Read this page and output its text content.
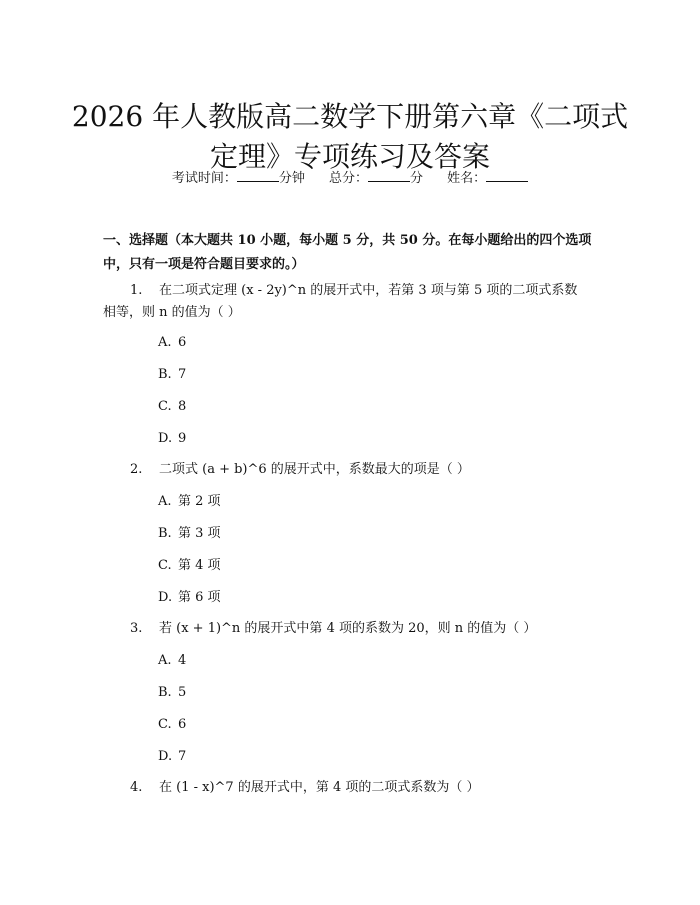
2026 年人教版高二数学下册第六章《二项式
定理》专项练习及答案
考试时间：	分钟 总分：	分 姓名：
一、选择题（本大题共 10 小题，每小题 5 分，共 50 分。在每小题给出的四个选项中，只有一项是符合题目要求的。）
1.	在二项式定理 (x - 2y)^n 的展开式中，若第 3 项与第 5 项的二项式系数
相等，则 n 的值为（ ）
A. 6
B. 7
C. 8
D. 9
2.	二项式 (a + b)^6 的展开式中，系数最大的项是（ ）
A. 第 2 项
B. 第 3 项
C. 第 4 项
D. 第 6 项
3.	若 (x + 1)^n 的展开式中第 4 项的系数为 20，则 n 的值为（ ）
A. 4
B. 5
C. 6
D. 7
4.	在 (1 - x)^7 的展开式中，第 4 项的二项式系数为（ ）
